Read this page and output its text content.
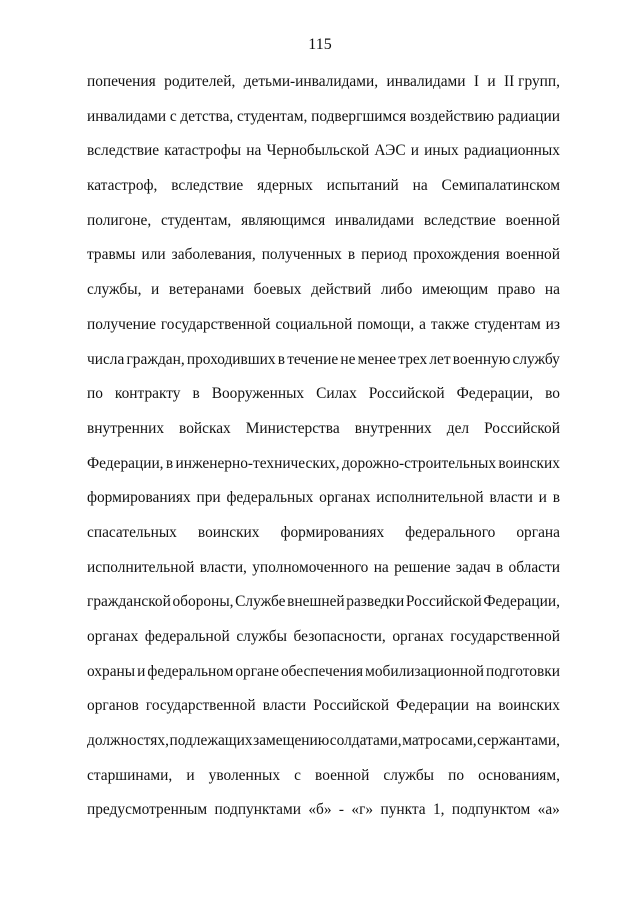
115
попечения родителей, детьми-инвалидами, инвалидами I и II групп,
инвалидами с детства, студентам, подвергшимся воздействию радиации
вследствие катастрофы на Чернобыльской АЭС и иных радиационных
катастроф, вследствие ядерных испытаний на Семипалатинском
полигоне, студентам, являющимся инвалидами вследствие военной
травмы или заболевания, полученных в период прохождения военной
службы, и ветеранами боевых действий либо имеющим право на
получение государственной социальной помощи, а также студентам из
числа граждан, проходивших в течение не менее трех лет военную службу
по контракту в Вооруженных Силах Российской Федерации, во
внутренних войсках Министерства внутренних дел Российской
Федерации, в инженерно-технических, дорожно-строительных воинских
формированиях при федеральных органах исполнительной власти и в
спасательных воинских формированиях федерального органа
исполнительной власти, уполномоченного на решение задач в области
гражданской обороны, Службе внешней разведки Российской Федерации,
органах федеральной службы безопасности, органах государственной
охраны и федеральном органе обеспечения мобилизационной подготовки
органов государственной власти Российской Федерации на воинских
должностях, подлежащих замещению солдатами, матросами, сержантами,
старшинами, и уволенных с военной службы по основаниям,
предусмотренным подпунктами «б» - «г» пункта 1, подпунктом «а»
